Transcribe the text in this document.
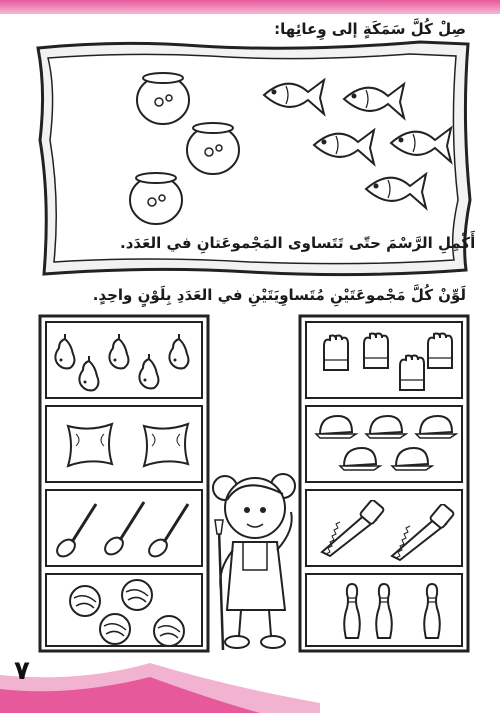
صِلْ كُلَّ سَمَكَةٍ إلى وِعائِها:
أَكْمِلِ الرَّسْمَ حتّى تَتَساوى المَجْموعَتانِ في العَدَد.
لَوِّنْ كُلَّ مَجْموعَتَيْنِ مُتَساوِيَتَيْنِ في العَدَدِ بِلَوْنٍ واحِدٍ.
٧
